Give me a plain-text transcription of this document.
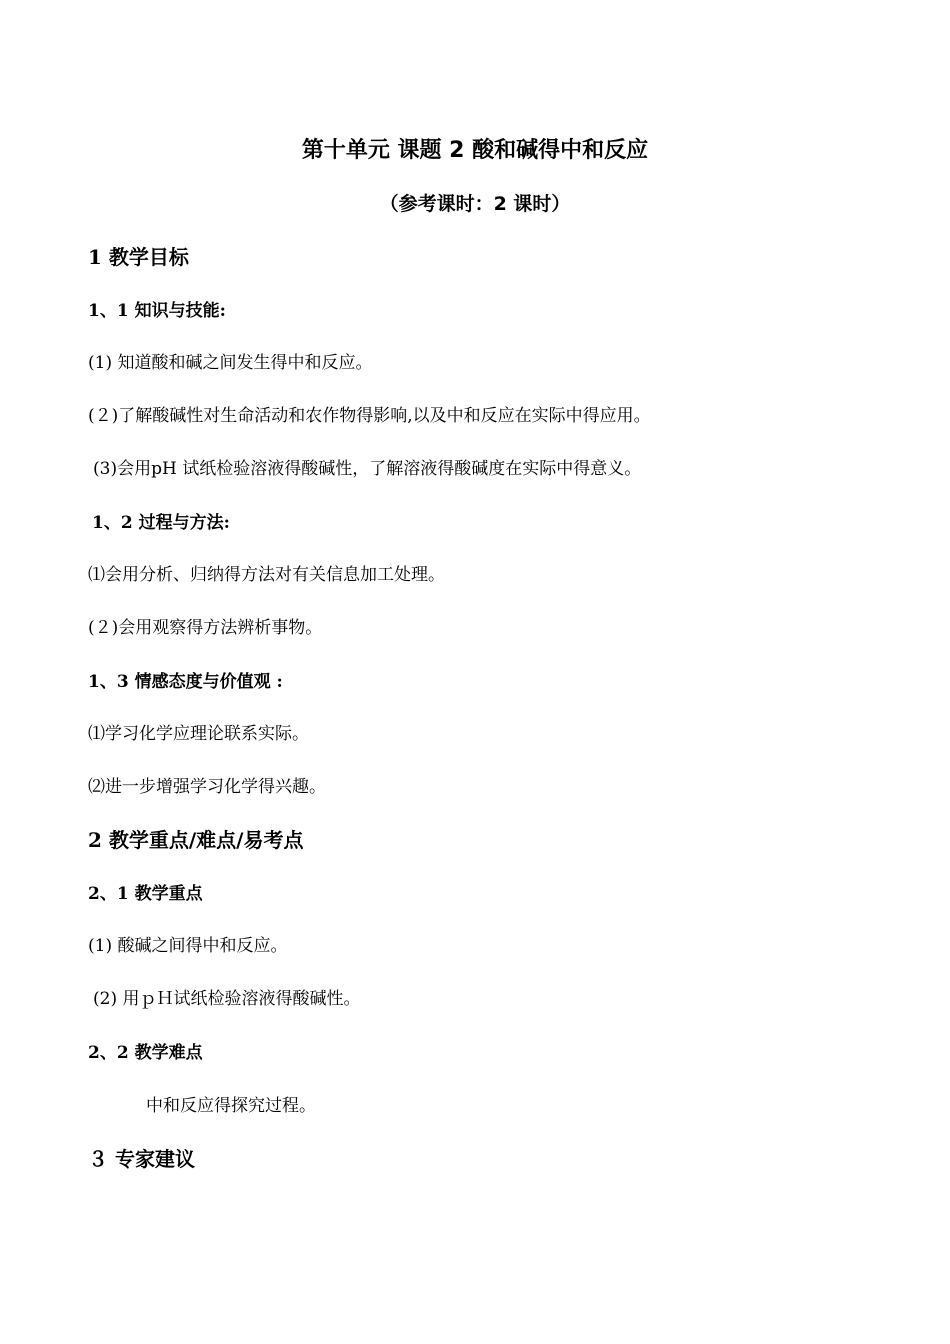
第十单元 课题 2 酸和碱得中和反应
（参考课时：2 课时）
1 教学目标
1、1 知识与技能:
(1) 知道酸和碱之间发生得中和反应。
(２)了解酸碱性对生命活动和农作物得影响,以及中和反应在实际中得应用。
(3)会用pH 试纸检验溶液得酸碱性，了解溶液得酸碱度在实际中得意义。
1、2 过程与方法:
⑴会用分析、归纳得方法对有关信息加工处理。
(２)会用观察得方法辨析事物。
1、3 情感态度与价值观 :
⑴学习化学应理论联系实际。
⑵进一步增强学习化学得兴趣。
2 教学重点/难点/易考点
2、1 教学重点
(1) 酸碱之间得中和反应。
(2) 用ｐＨ试纸检验溶液得酸碱性。
2、2 教学难点
中和反应得探究过程。
３ 专家建议
